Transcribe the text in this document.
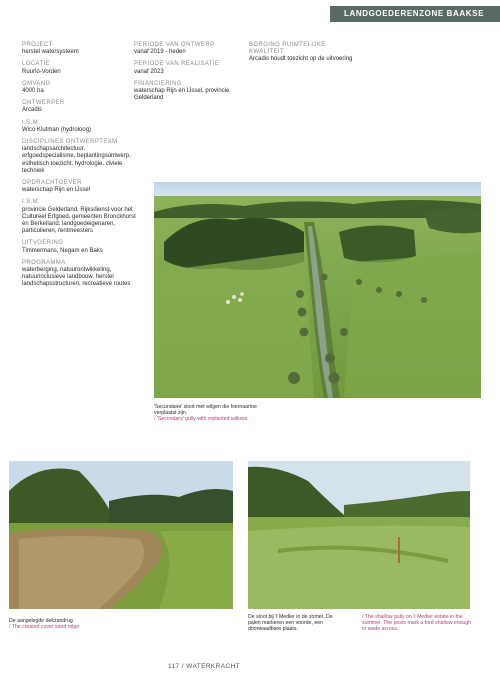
LANDGOEDERENZONE BAAKSE BEEK
PROJECT
herstel watersysteem
LOCATIE
Ruurlo-Vorden
OMVANG
4000 ha
ONTWERPER
Arcadis
I.S.M.
Wico Klutman (hydroloog)
DISCIPLINES ONTWERPTEAM
landschapsarchitectuur, erfgoedspecialisme, beplantingsontwerp, esthetisch toezicht, hydrologie, civiele techniek
OPDRACHTGEVER
waterschap Rijn en IJssel
I.S.M.
provincie Gelderland, Rijksdienst voor het Cultureel Erfgoed, gemeenten Bronckhorst en Berkelland, landgoedeigenaren, particulieren, rentmeesters
UITVOERING
Timmermans, Negam en Baks
PROGRAMMA
waterberging, natuurontwikkeling, natuurinclusieve landbouw, herstel landschapsstructuren, recreatieve routes
PERIODE VAN ONTWERP
vanaf 2019 - heden
PERIODE VAN REALISATIE
vanaf 2023
FINANCIERING
waterschap Rijn en IJssel, provincie Gelderland
BORGING RUIMTELIJKE KWALITEIT
Arcadis houdt toezicht op de uitvoering
'Secundaire' sloot met wilgen die hiernaartoe verplaatst zijn.
/ 'Secondary' gully with replanted willows.
De aangelegde dekzandrug
/ The created cover sand ridge
De sloot bij 't Medler in de zomer. De palen markeren een voorde, een doorwaadbare plaats.
/ The shallow gully on 't Medler estate in the summer. The posts mark a ford shallow enough to wade across.
117 / WATERKRACHT
